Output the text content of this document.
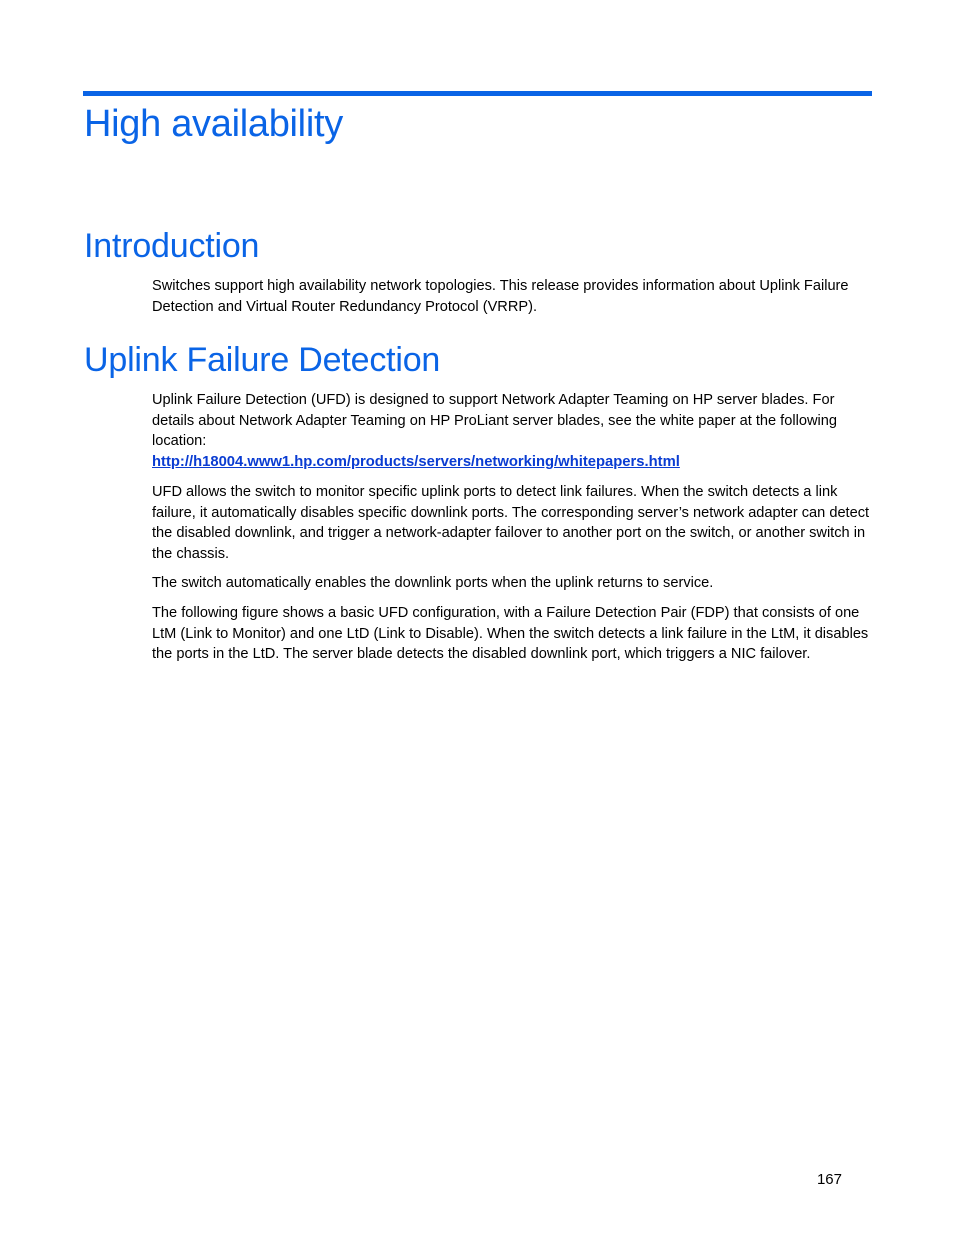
High availability
Introduction

Switches support high availability network topologies. This release provides information about Uplink Failure Detection and Virtual Router Redundancy Protocol (VRRP).

Uplink Failure Detection

Uplink Failure Detection (UFD) is designed to support Network Adapter Teaming on HP server blades. For details about Network Adapter Teaming on HP ProLiant server blades, see the white paper at the following location:

http://h18004.www1.hp.com/products/servers/networking/whitepapers.html

UFD allows the switch to monitor specific uplink ports to detect link failures. When the switch detects a link failure, it automatically disables specific downlink ports. The corresponding server’s network adapter can detect the disabled downlink, and trigger a network-adapter failover to another port on the switch, or another switch in the chassis.

The switch automatically enables the downlink ports when the uplink returns to service.

The following figure shows a basic UFD configuration, with a Failure Detection Pair (FDP) that consists of one LtM (Link to Monitor) and one LtD (Link to Disable). When the switch detects a link failure in the LtM, it disables the ports in the LtD. The server blade detects the disabled downlink port, which triggers a NIC failover.

167
